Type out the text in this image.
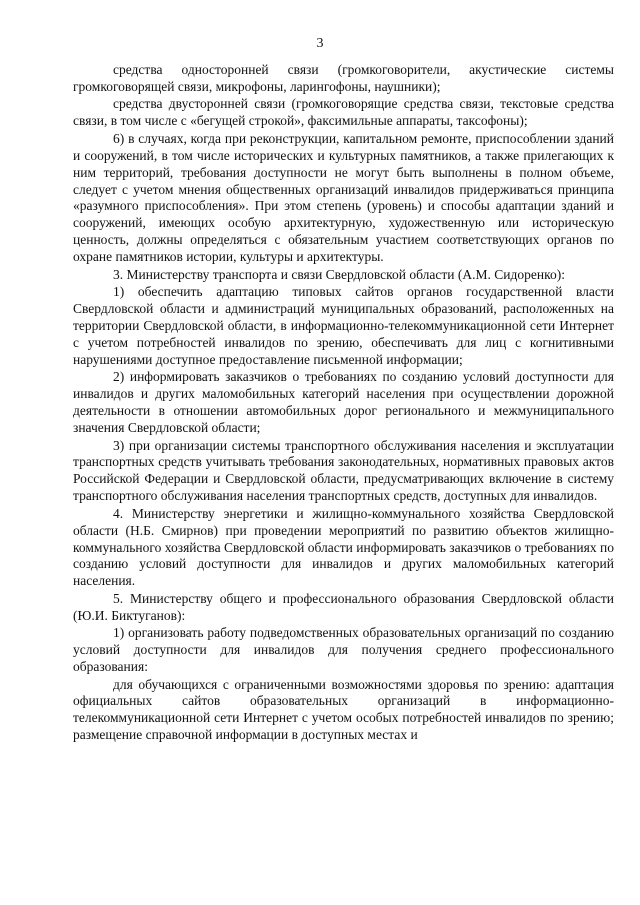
3

средства односторонней связи (громкоговорители, акустические системы громкоговорящей связи, микрофоны, ларингофоны, наушники);

средства двусторонней связи (громкоговорящие средства связи, текстовые средства связи, в том числе с «бегущей строкой», факсимильные аппараты, таксофоны);

6) в случаях, когда при реконструкции, капитальном ремонте, приспособлении зданий и сооружений, в том числе исторических и культурных памятников, а также прилегающих к ним территорий, требования доступности не могут быть выполнены в полном объеме, следует с учетом мнения общественных организаций инвалидов придерживаться принципа «разумного приспособления». При этом степень (уровень) и способы адаптации зданий и сооружений, имеющих особую архитектурную, художественную или историческую ценность, должны определяться с обязательным участием соответствующих органов по охране памятников истории, культуры и архитектуры.

3. Министерству транспорта и связи Свердловской области (А.М. Сидоренко):

1) обеспечить адаптацию типовых сайтов органов государственной власти Свердловской области и администраций муниципальных образований, расположенных на территории Свердловской области, в информационно-телекоммуникационной сети Интернет с учетом потребностей инвалидов по зрению, обеспечивать для лиц с когнитивными нарушениями доступное предоставление письменной информации;

2) информировать заказчиков о требованиях по созданию условий доступности для инвалидов и других маломобильных категорий населения при осуществлении дорожной деятельности в отношении автомобильных дорог регионального и межмуниципального значения Свердловской области;

3) при организации системы транспортного обслуживания населения и эксплуатации транспортных средств учитывать требования законодательных, нормативных правовых актов Российской Федерации и Свердловской области, предусматривающих включение в систему транспортного обслуживания населения транспортных средств, доступных для инвалидов.

4. Министерству энергетики и жилищно-коммунального хозяйства Свердловской области (Н.Б. Смирнов) при проведении мероприятий по развитию объектов жилищно-коммунального хозяйства Свердловской области информировать заказчиков о требованиях по созданию условий доступности для инвалидов и других маломобильных категорий населения.

5. Министерству общего и профессионального образования Свердловской области (Ю.И. Биктуганов):

1) организовать работу подведомственных образовательных организаций по созданию условий доступности для инвалидов для получения среднего профессионального образования:

для обучающихся с ограниченными возможностями здоровья по зрению: адаптация официальных сайтов образовательных организаций в информационно-телекоммуникационной сети Интернет с учетом особых потребностей инвалидов по зрению; размещение справочной информации в доступных местах и
